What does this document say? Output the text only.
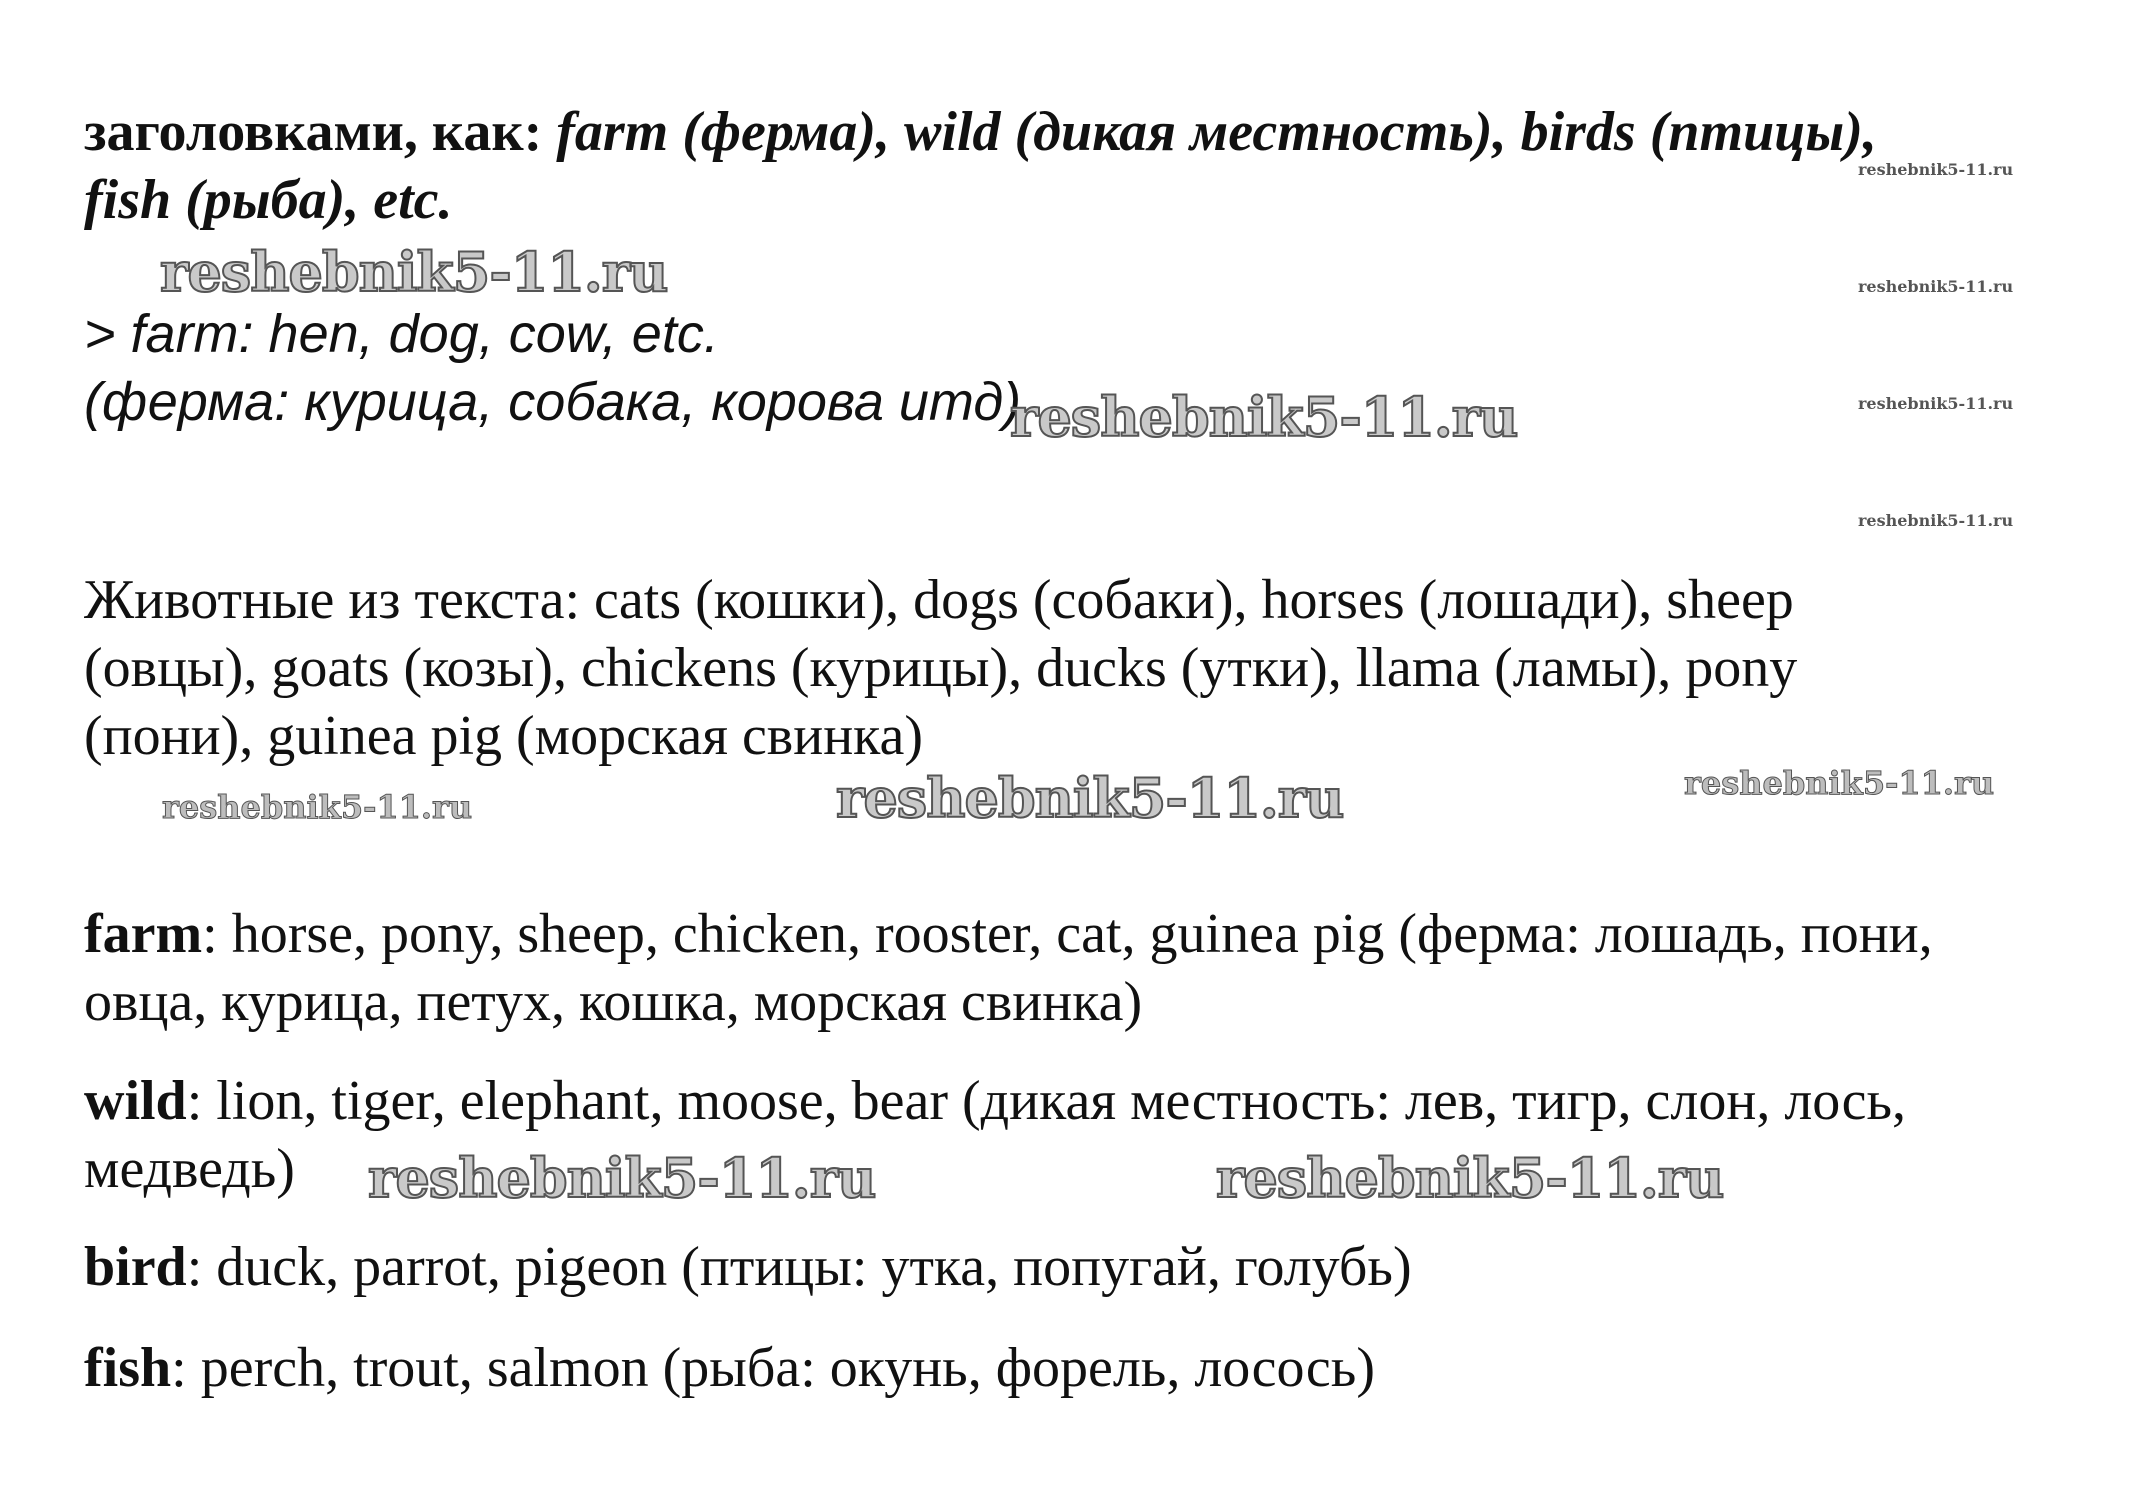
заголовками, как: farm (ферма), wild (дикая местность), birds (птицы),
fish (рыба), etc.
> farm: hen, dog, cow, etc.
(ферма: курица, собака, корова итд)
Животные из текста: cats (кошки), dogs (собаки), horses (лошади), sheep
(овцы), goats (козы), chickens (курицы), ducks (утки), llama (ламы), pony
(пони), guinea pig (морская свинка)
farm: horse, pony, sheep, chicken, rooster, cat, guinea pig (ферма: лошадь, пони,
овца, курица, петух, кошка, морская свинка)
wild: lion, tiger, elephant, moose, bear (дикая местность: лев, тигр, слон, лось,
медведь)
bird: duck, parrot, pigeon (птицы: утка, попугай, голубь)
fish: perch, trout, salmon (рыба: окунь, форель, лосось)
reshebnik5-11.ru
reshebnik5-11.ru
reshebnik5-11.ru
reshebnik5-11.ru
reshebnik5-11.ru
reshebnik5-11.ru
reshebnik5-11.ru
reshebnik5-11.ru	reshebnik5-11.ru
reshebnik5-11.ru
reshebnik5-11.ru
